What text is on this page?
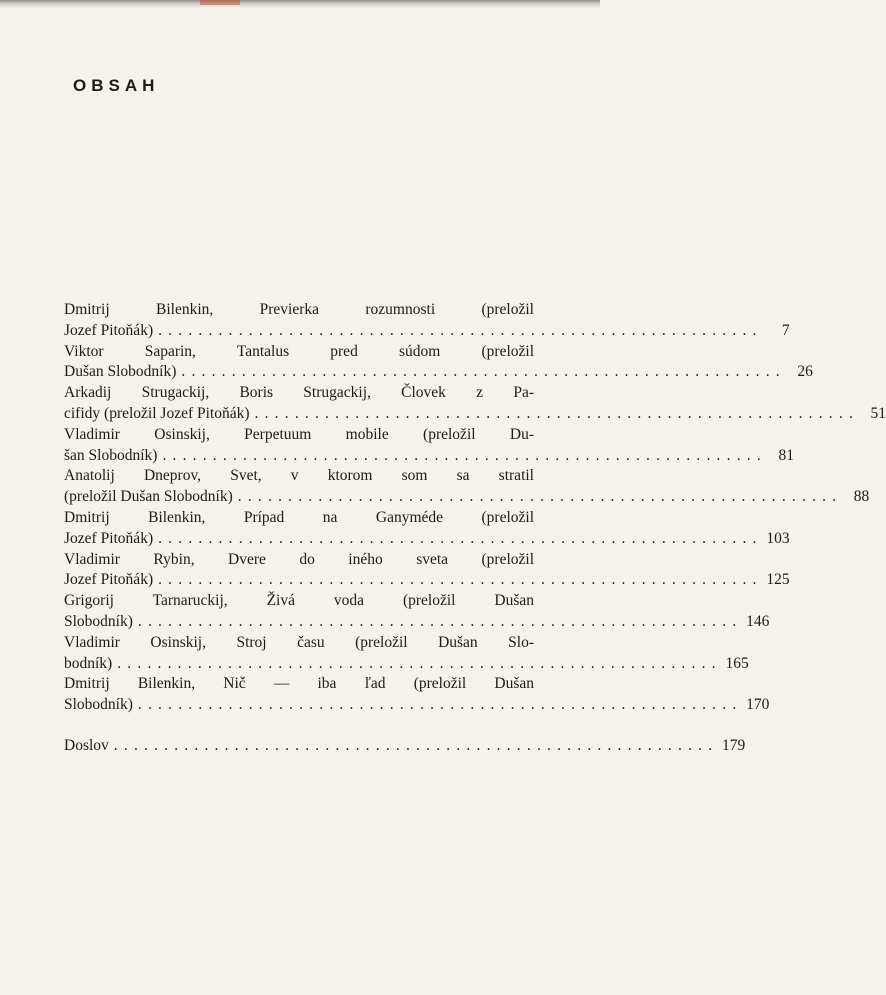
OBSAH
Dmitrij Bilenkin, Previerka rozumnosti (preložil
Jozef Pitoňák) ............................................................	7
Viktor Saparin, Tantalus pred súdom (preložil
Dušan Slobodník) ............................................................ 26
Arkadij Strugackij, Boris Strugackij, Človek z Pa-
cifidy (preložil Jozef Pitoňák) ............................................................ 51
Vladimir Osinskij, Perpetuum mobile (preložil Du-
šan Slobodník) ............................................................ 81
Anatolij Dneprov, Svet, v ktorom som sa stratil
(preložil Dušan Slobodník) ............................................................ 88
Dmitrij Bilenkin, Prípad na Ganyméde (preložil
Jozef Pitoňák) ............................................................ 103
Vladimir Rybin, Dvere do iného sveta (preložil
Jozef Pitoňák) ............................................................ 125
Grigorij Tarnaruckij, Živá voda (preložil Dušan
Slobodník) ............................................................ 146
Vladimir Osinskij, Stroj času (preložil Dušan Slo-
bodník) ............................................................ 165
Dmitrij Bilenkin, Nič — iba ľad (preložil Dušan
Slobodník) ............................................................ 170
Doslov ............................................................ 179
